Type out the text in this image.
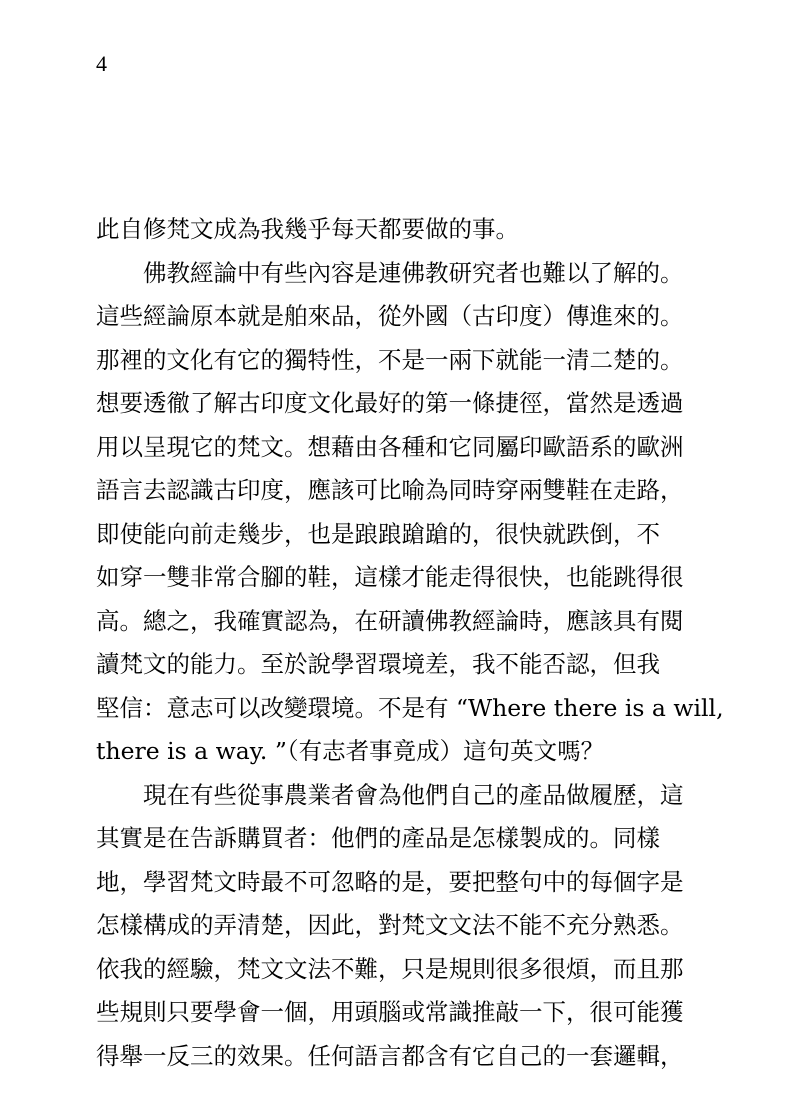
4
此自修梵文成為我幾乎每天都要做的事。
佛教經論中有些內容是連佛教研究者也難以了解的。
這些經論原本就是舶來品，從外國（古印度）傳進來的。
那裡的文化有它的獨特性，不是一兩下就能一清二楚的。
想要透徹了解古印度文化最好的第一條捷徑，當然是透過
用以呈現它的梵文。想藉由各種和它同屬印歐語系的歐洲
語言去認識古印度，應該可比喻為同時穿兩雙鞋在走路，
即使能向前走幾步，也是踉踉蹌蹌的，很快就跌倒，不
如穿一雙非常合腳的鞋，這樣才能走得很快，也能跳得很
高。總之，我確實認為，在研讀佛教經論時，應該具有閱
讀梵文的能力。至於說學習環境差，我不能否認，但我
堅信：意志可以改變環境。不是有 “Where there is a will,
there is a way. ”（有志者事竟成）這句英文嗎？
現在有些從事農業者會為他們自己的產品做履歷，這
其實是在告訴購買者：他們的產品是怎樣製成的。同樣
地，學習梵文時最不可忽略的是，要把整句中的每個字是
怎樣構成的弄清楚，因此，對梵文文法不能不充分熟悉。
依我的經驗，梵文文法不難，只是規則很多很煩，而且那
些規則只要學會一個，用頭腦或常識推敲一下，很可能獲
得舉一反三的效果。任何語言都含有它自己的一套邏輯，
